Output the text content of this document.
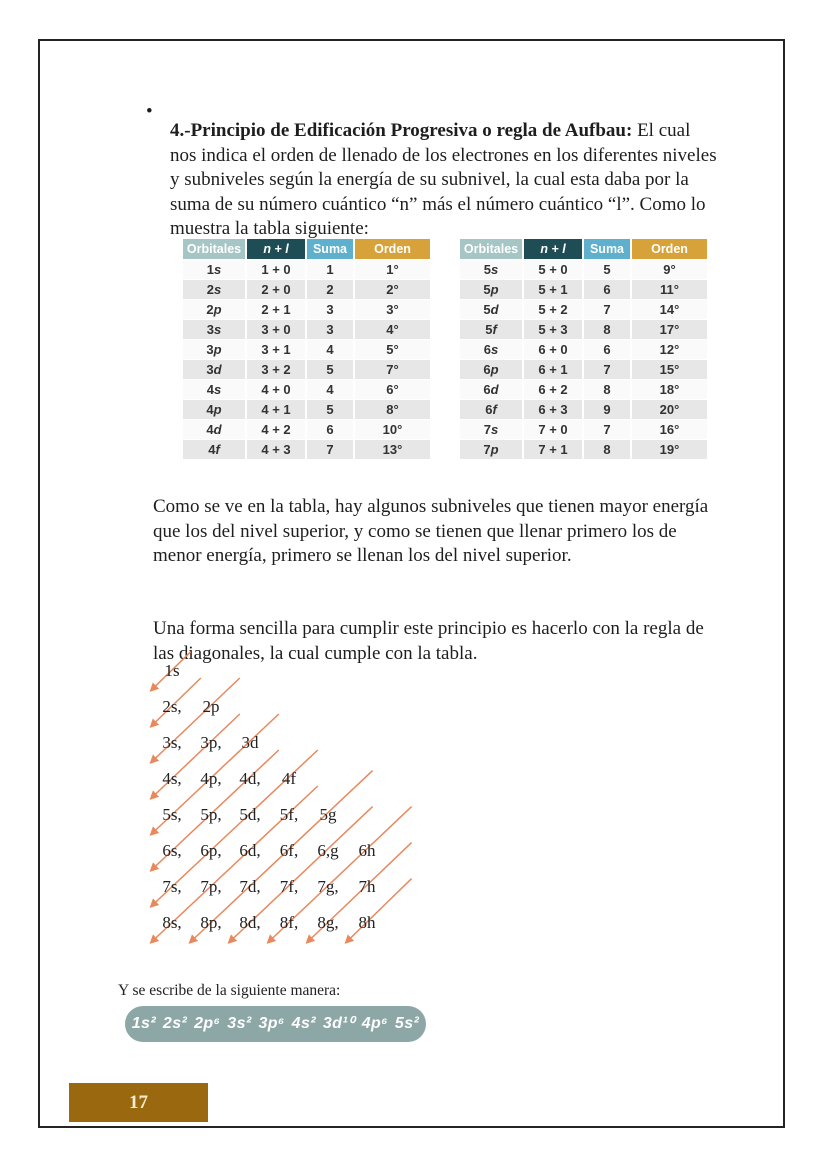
•

4.-Principio de Edificación Progresiva o regla de Aufbau: El cual nos indica el orden de llenado de los electrones en los diferentes niveles y subniveles según la energía de su subnivel, la cual esta daba por la suma de su número cuántico “n” más el número cuántico “l”. Como lo muestra la tabla siguiente:

Orbitales	n + l	Suma	Orden
1s	1 + 0	1	1°
2s	2 + 0	2	2°
2p	2 + 1	3	3°
3s	3 + 0	3	4°
3p	3 + 1	4	5°
3d	3 + 2	5	7°
4s	4 + 0	4	6°
4p	4 + 1	5	8°
4d	4 + 2	6	10°
4f	4 + 3	7	13°
Orbitales	n + l	Suma	Orden
5s	5 + 0	5	9°
5p	5 + 1	6	11°
5d	5 + 2	7	14°
5f	5 + 3	8	17°
6s	6 + 0	6	12°
6p	6 + 1	7	15°
6d	6 + 2	8	18°
6f	6 + 3	9	20°
7s	7 + 0	7	16°
7p	7 + 1	8	19°

Como se ve en la tabla, hay algunos subniveles que tienen mayor energía que los del nivel superior, y como se tienen que llenar primero los de menor energía, primero se llenan los del nivel superior.

Una forma sencilla para cumplir este principio es hacerlo con la regla de las diagonales, la cual cumple con la tabla.

1s
2s, 2p
3s, 3p, 3d
4s, 4p, 4d, 4f
5s, 5p, 5d, 5f, 5g
6s, 6p, 6d, 6f, 6,g 6h
7s, 7p, 7d, 7f, 7g, 7h
8s, 8p, 8d, 8f, 8g, 8h

Y se escribe de la siguiente manera:

1s² 2s² 2p⁶ 3s² 3p⁶ 4s² 3d¹⁰ 4p⁶ 5s²
17
